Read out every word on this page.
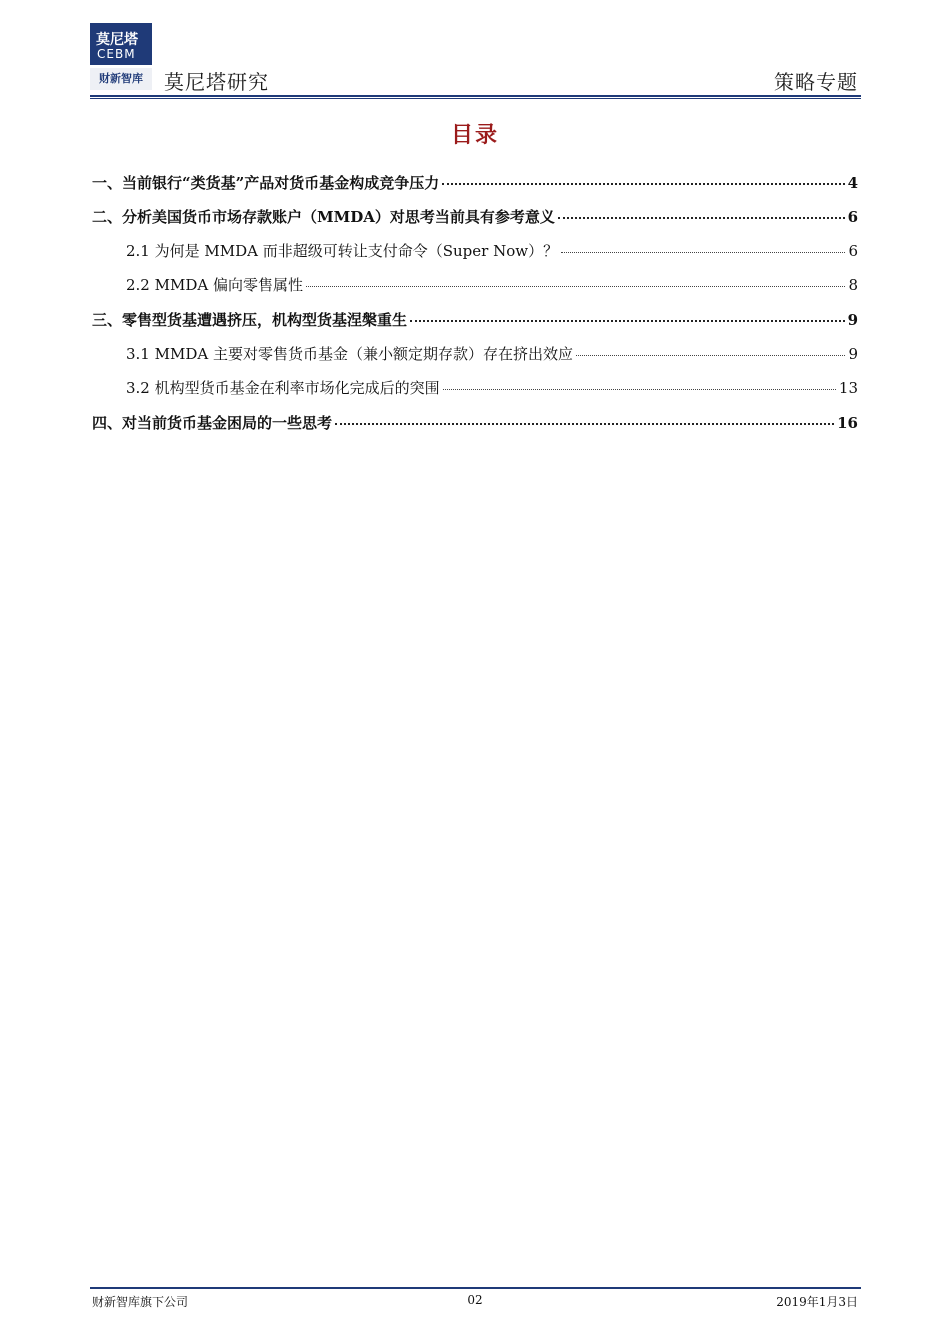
莫尼塔
CEBM
财新智库	莫尼塔研究	策略专题
目录
一、当前银行“类货基”产品对货币基金构成竞争压力	4
二、分析美国货币市场存款账户（MMDA）对思考当前具有参考意义	6
2.1 为何是 MMDA 而非超级可转让支付命令（Super Now）？	6
2.2 MMDA 偏向零售属性	8
三、零售型货基遭遇挤压，机构型货基涅槃重生	9
3.1 MMDA 主要对零售货币基金（兼小额定期存款）存在挤出效应	9
3.2 机构型货币基金在利率市场化完成后的突围	13
四、对当前货币基金困局的一些思考	16
财新智库旗下公司	02	2019年1月3日
